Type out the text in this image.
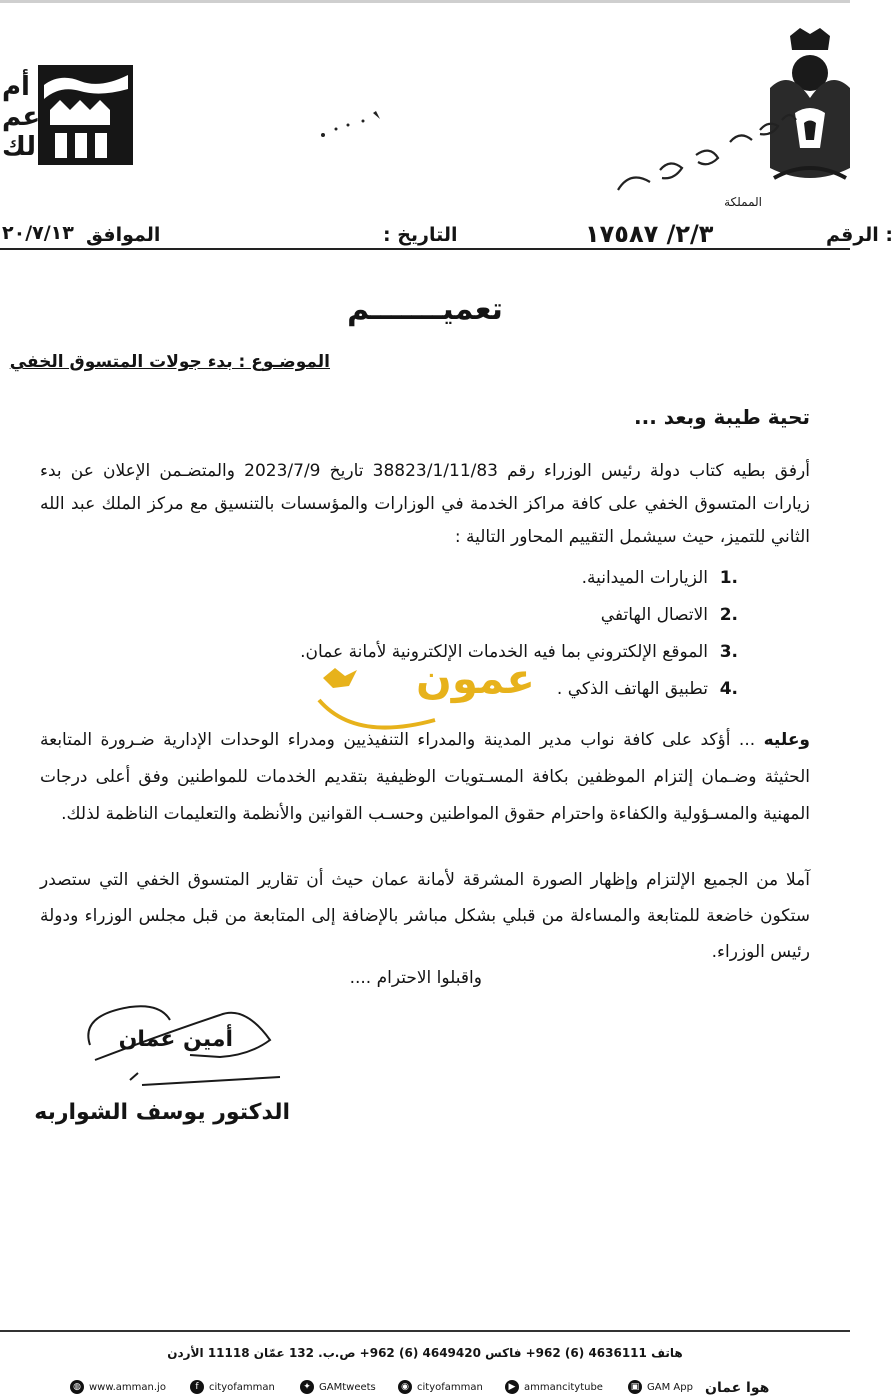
أم
عم
الك
المملكة
الرقم :
٢/٣/ ١٧٥٨٧
التاريخ :
الموافق
٢٠/٧/١٣
تعميـــــــم
الموضـوع : بدء جولات المتسوق الخفي
تحية طيبة وبعد ...
أرفق بطيه كتاب دولة رئيس الوزراء رقم 38823/1/11/83 تاريخ 2023/7/9 والمتضـمن الإعلان عن بدء زيارات المتسوق الخفي على كافة مراكز الخدمة في الوزارات والمؤسسات بالتنسيق مع مركز الملك عبد الله الثاني للتميز، حيث سيشمل التقييم المحاور التالية :
.1الزيارات الميدانية.
.2الاتصال الهاتفي
.3الموقع الإلكتروني بما فيه الخدمات الإلكترونية لأمانة عمان.
.4تطبيق الهاتف الذكي .
عمون
وعليه ... أؤكد على كافة نواب مدير المدينة والمدراء التنفيذيين ومدراء الوحدات الإدارية ضـرورة المتابعة الحثيثة وضـمان إلتزام الموظفين بكافة المسـتويات الوظيفية بتقديم الخدمات للمواطنين وفق أعلى درجات المهنية والمسـؤولية والكفاءة واحترام حقوق المواطنين وحسـب القوانين والأنظمة والتعليمات الناظمة لذلك.
آملا من الجميع الإلتزام وإظهار الصورة المشرقة لأمانة عمان حيث أن تقارير المتسوق الخفي التي ستصدر ستكون خاضعة للمتابعة والمساءلة من قبلي بشكل مباشر بالإضافة إلى المتابعة من قبل مجلس الوزراء ودولة رئيس الوزراء.
واقبلوا الاحترام ....
أمين عمان
الدكتور يوسف الشواربه
هاتف 4636111 (6) 962+ فاكس 4649420 (6) 962+ ص.ب. 132 عمّان 11118 الأردن
◍ www.amman.jo	f	cityofamman	✦ GAMtweets	◉ cityofamman	▶ ammancitytube	▣ GAM App هوا عمان
